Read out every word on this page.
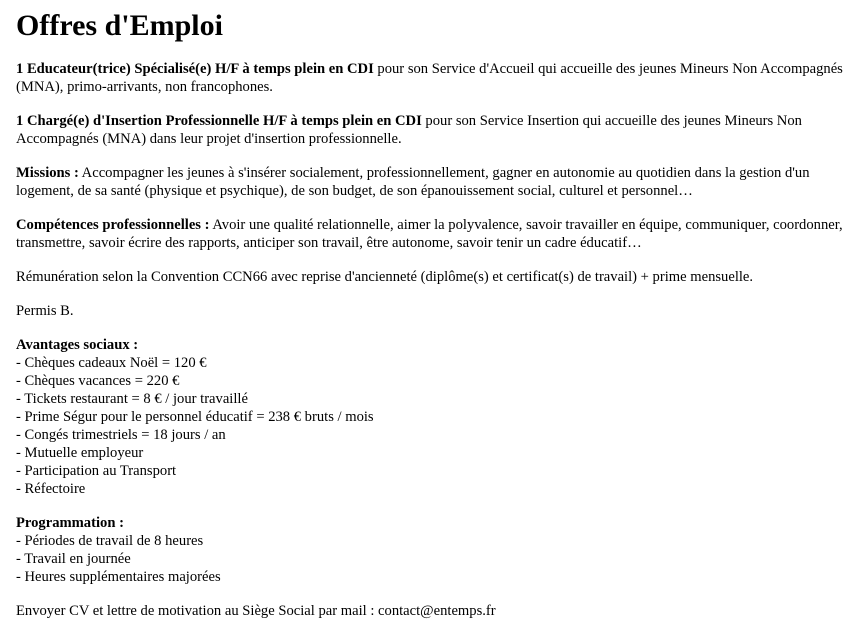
Offres d'Emploi

1 Educateur(trice) Spécialisé(e) H/F à temps plein en CDI pour son Service d'Accueil qui accueille des jeunes Mineurs Non Accompagnés (MNA), primo-arrivants, non francophones.

1 Chargé(e) d'Insertion Professionnelle H/F à temps plein en CDI pour son Service Insertion qui accueille des jeunes Mineurs Non Accompagnés (MNA) dans leur projet d'insertion professionnelle.

Missions : Accompagner les jeunes à s'insérer socialement, professionnellement, gagner en autonomie au quotidien dans la gestion d'un logement, de sa santé (physique et psychique), de son budget, de son épanouissement social, culturel et personnel…

Compétences professionnelles : Avoir une qualité relationnelle, aimer la polyvalence, savoir travailler en équipe, communiquer, coordonner, transmettre, savoir écrire des rapports, anticiper son travail, être autonome, savoir tenir un cadre éducatif…

Rémunération selon la Convention CCN66 avec reprise d'ancienneté (diplôme(s) et certificat(s) de travail) + prime mensuelle.

Permis B.

Avantages sociaux :
- Chèques cadeaux Noël = 120 €
- Chèques vacances = 220 €
- Tickets restaurant = 8 € / jour travaillé
- Prime Ségur pour le personnel éducatif = 238 € bruts / mois
- Congés trimestriels = 18 jours / an
- Mutuelle employeur
- Participation au Transport
- Réfectoire
Programmation :
- Périodes de travail de 8 heures
- Travail en journée
- Heures supplémentaires majorées

Envoyer CV et lettre de motivation au Siège Social par mail : contact@entemps.fr
